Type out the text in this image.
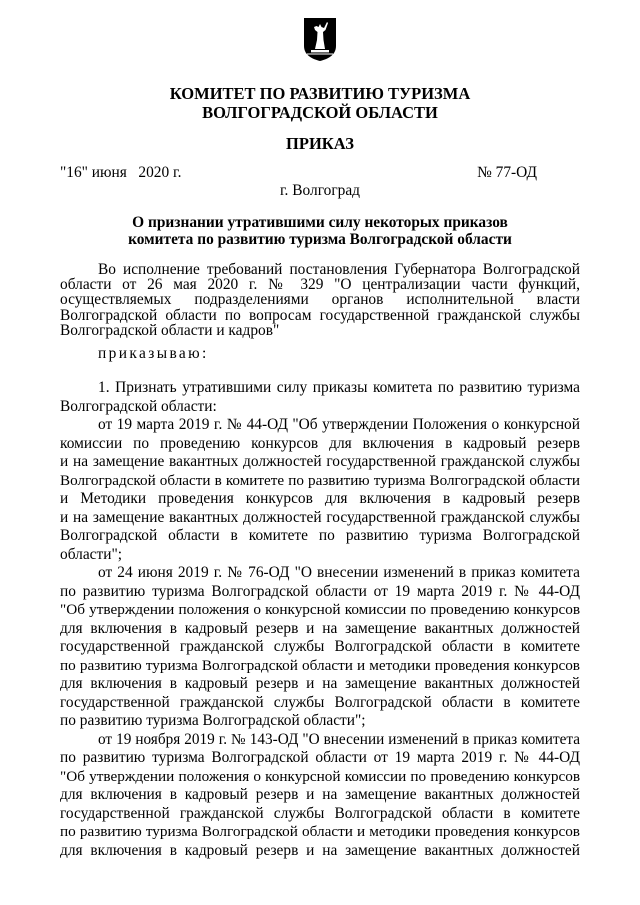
КОМИТЕТ ПО РАЗВИТИЮ ТУРИЗМА
ВОЛГОГРАДСКОЙ ОБЛАСТИ
ПРИКАЗ
"16" июня   2020 г.	№ 77-ОД
г. Волгоград
О признании утратившими силу некоторых приказов
комитета по развитию туризма Волгоградской области
Во исполнение требований постановления Губернатора Волгоградской
области от 26 мая 2020 г. № 329 "О централизации части функций,
осуществляемых подразделениями органов исполнительной власти
Волгоградской области по вопросам государственной гражданской службы
Волгоградской области и кадров"
приказываю:
1. Признать утратившими силу приказы комитета по развитию туризма
Волгоградской области:
от 19 марта 2019 г. № 44-ОД "Об утверждении Положения о конкурсной
комиссии по проведению конкурсов для включения в кадровый резерв
и на замещение вакантных должностей государственной гражданской службы
Волгоградской области в комитете по развитию туризма Волгоградской области
и Методики проведения конкурсов для включения в кадровый резерв
и на замещение вакантных должностей государственной гражданской службы
Волгоградской области в комитете по развитию туризма Волгоградской
области";
от 24 июня 2019 г. № 76-ОД "О внесении изменений в приказ комитета
по развитию туризма Волгоградской области от 19 марта 2019 г. № 44-ОД
"Об утверждении положения о конкурсной комиссии по проведению конкурсов
для включения в кадровый резерв и на замещение вакантных должностей
государственной гражданской службы Волгоградской области в комитете
по развитию туризма Волгоградской области и методики проведения конкурсов
для включения в кадровый резерв и на замещение вакантных должностей
государственной гражданской службы Волгоградской области в комитете
по развитию туризма Волгоградской области";
от 19 ноября 2019 г. № 143-ОД "О внесении изменений в приказ комитета
по развитию туризма Волгоградской области от 19 марта 2019 г. № 44-ОД
"Об утверждении положения о конкурсной комиссии по проведению конкурсов
для включения в кадровый резерв и на замещение вакантных должностей
государственной гражданской службы Волгоградской области в комитете
по развитию туризма Волгоградской области и методики проведения конкурсов
для включения в кадровый резерв и на замещение вакантных должностей
